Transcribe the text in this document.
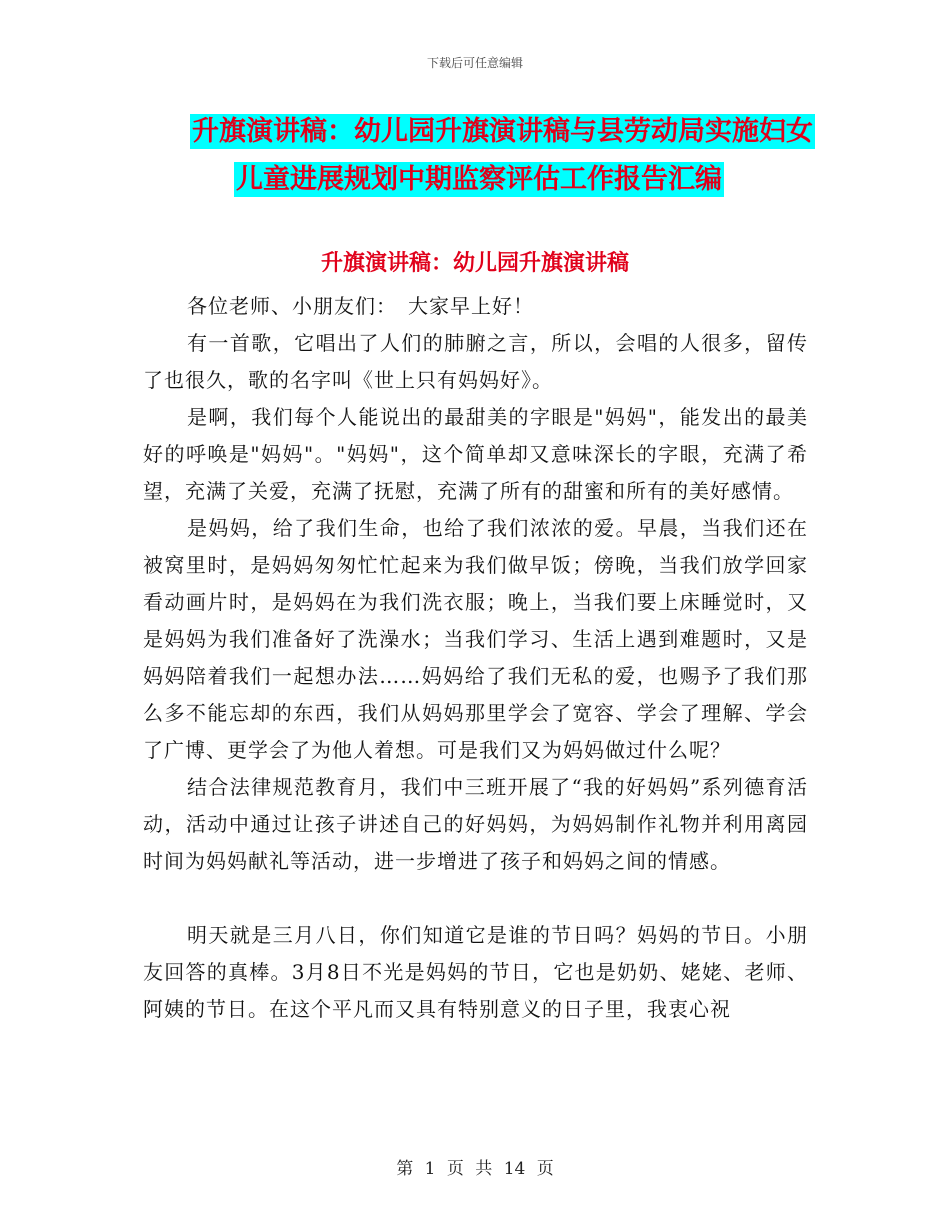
下载后可任意编辑
升旗演讲稿：幼儿园升旗演讲稿与县劳动局实施妇女
儿童进展规划中期监察评估工作报告汇编
升旗演讲稿：幼儿园升旗演讲稿

各位老师、小朋友们：　大家早上好！

有一首歌，它唱出了人们的肺腑之言，所以，会唱的人很多，留传了也很久，歌的名字叫《世上只有妈妈好》。

是啊，我们每个人能说出的最甜美的字眼是"妈妈"，能发出的最美好的呼唤是"妈妈"。"妈妈"，这个简单却又意味深长的字眼，充满了希望，充满了关爱，充满了抚慰，充满了所有的甜蜜和所有的美好感情。

是妈妈，给了我们生命，也给了我们浓浓的爱。早晨，当我们还在被窝里时，是妈妈匆匆忙忙起来为我们做早饭；傍晚，当我们放学回家看动画片时，是妈妈在为我们洗衣服；晚上，当我们要上床睡觉时，又是妈妈为我们准备好了洗澡水；当我们学习、生活上遇到难题时，又是妈妈陪着我们一起想办法……妈妈给了我们无私的爱，也赐予了我们那么多不能忘却的东西，我们从妈妈那里学会了宽容、学会了理解、学会了广博、更学会了为他人着想。可是我们又为妈妈做过什么呢？

结合法律规范教育月，我们中三班开展了“我的好妈妈”系列德育活动，活动中通过让孩子讲述自己的好妈妈，为妈妈制作礼物并利用离园时间为妈妈献礼等活动，进一步增进了孩子和妈妈之间的情感。

明天就是三月八日，你们知道它是谁的节日吗？妈妈的节日。小朋友回答的真棒。3月8日不光是妈妈的节日，它也是奶奶、姥姥、老师、阿姨的节日。在这个平凡而又具有特别意义的日子里，我衷心祝

第 1 页 共 14 页
